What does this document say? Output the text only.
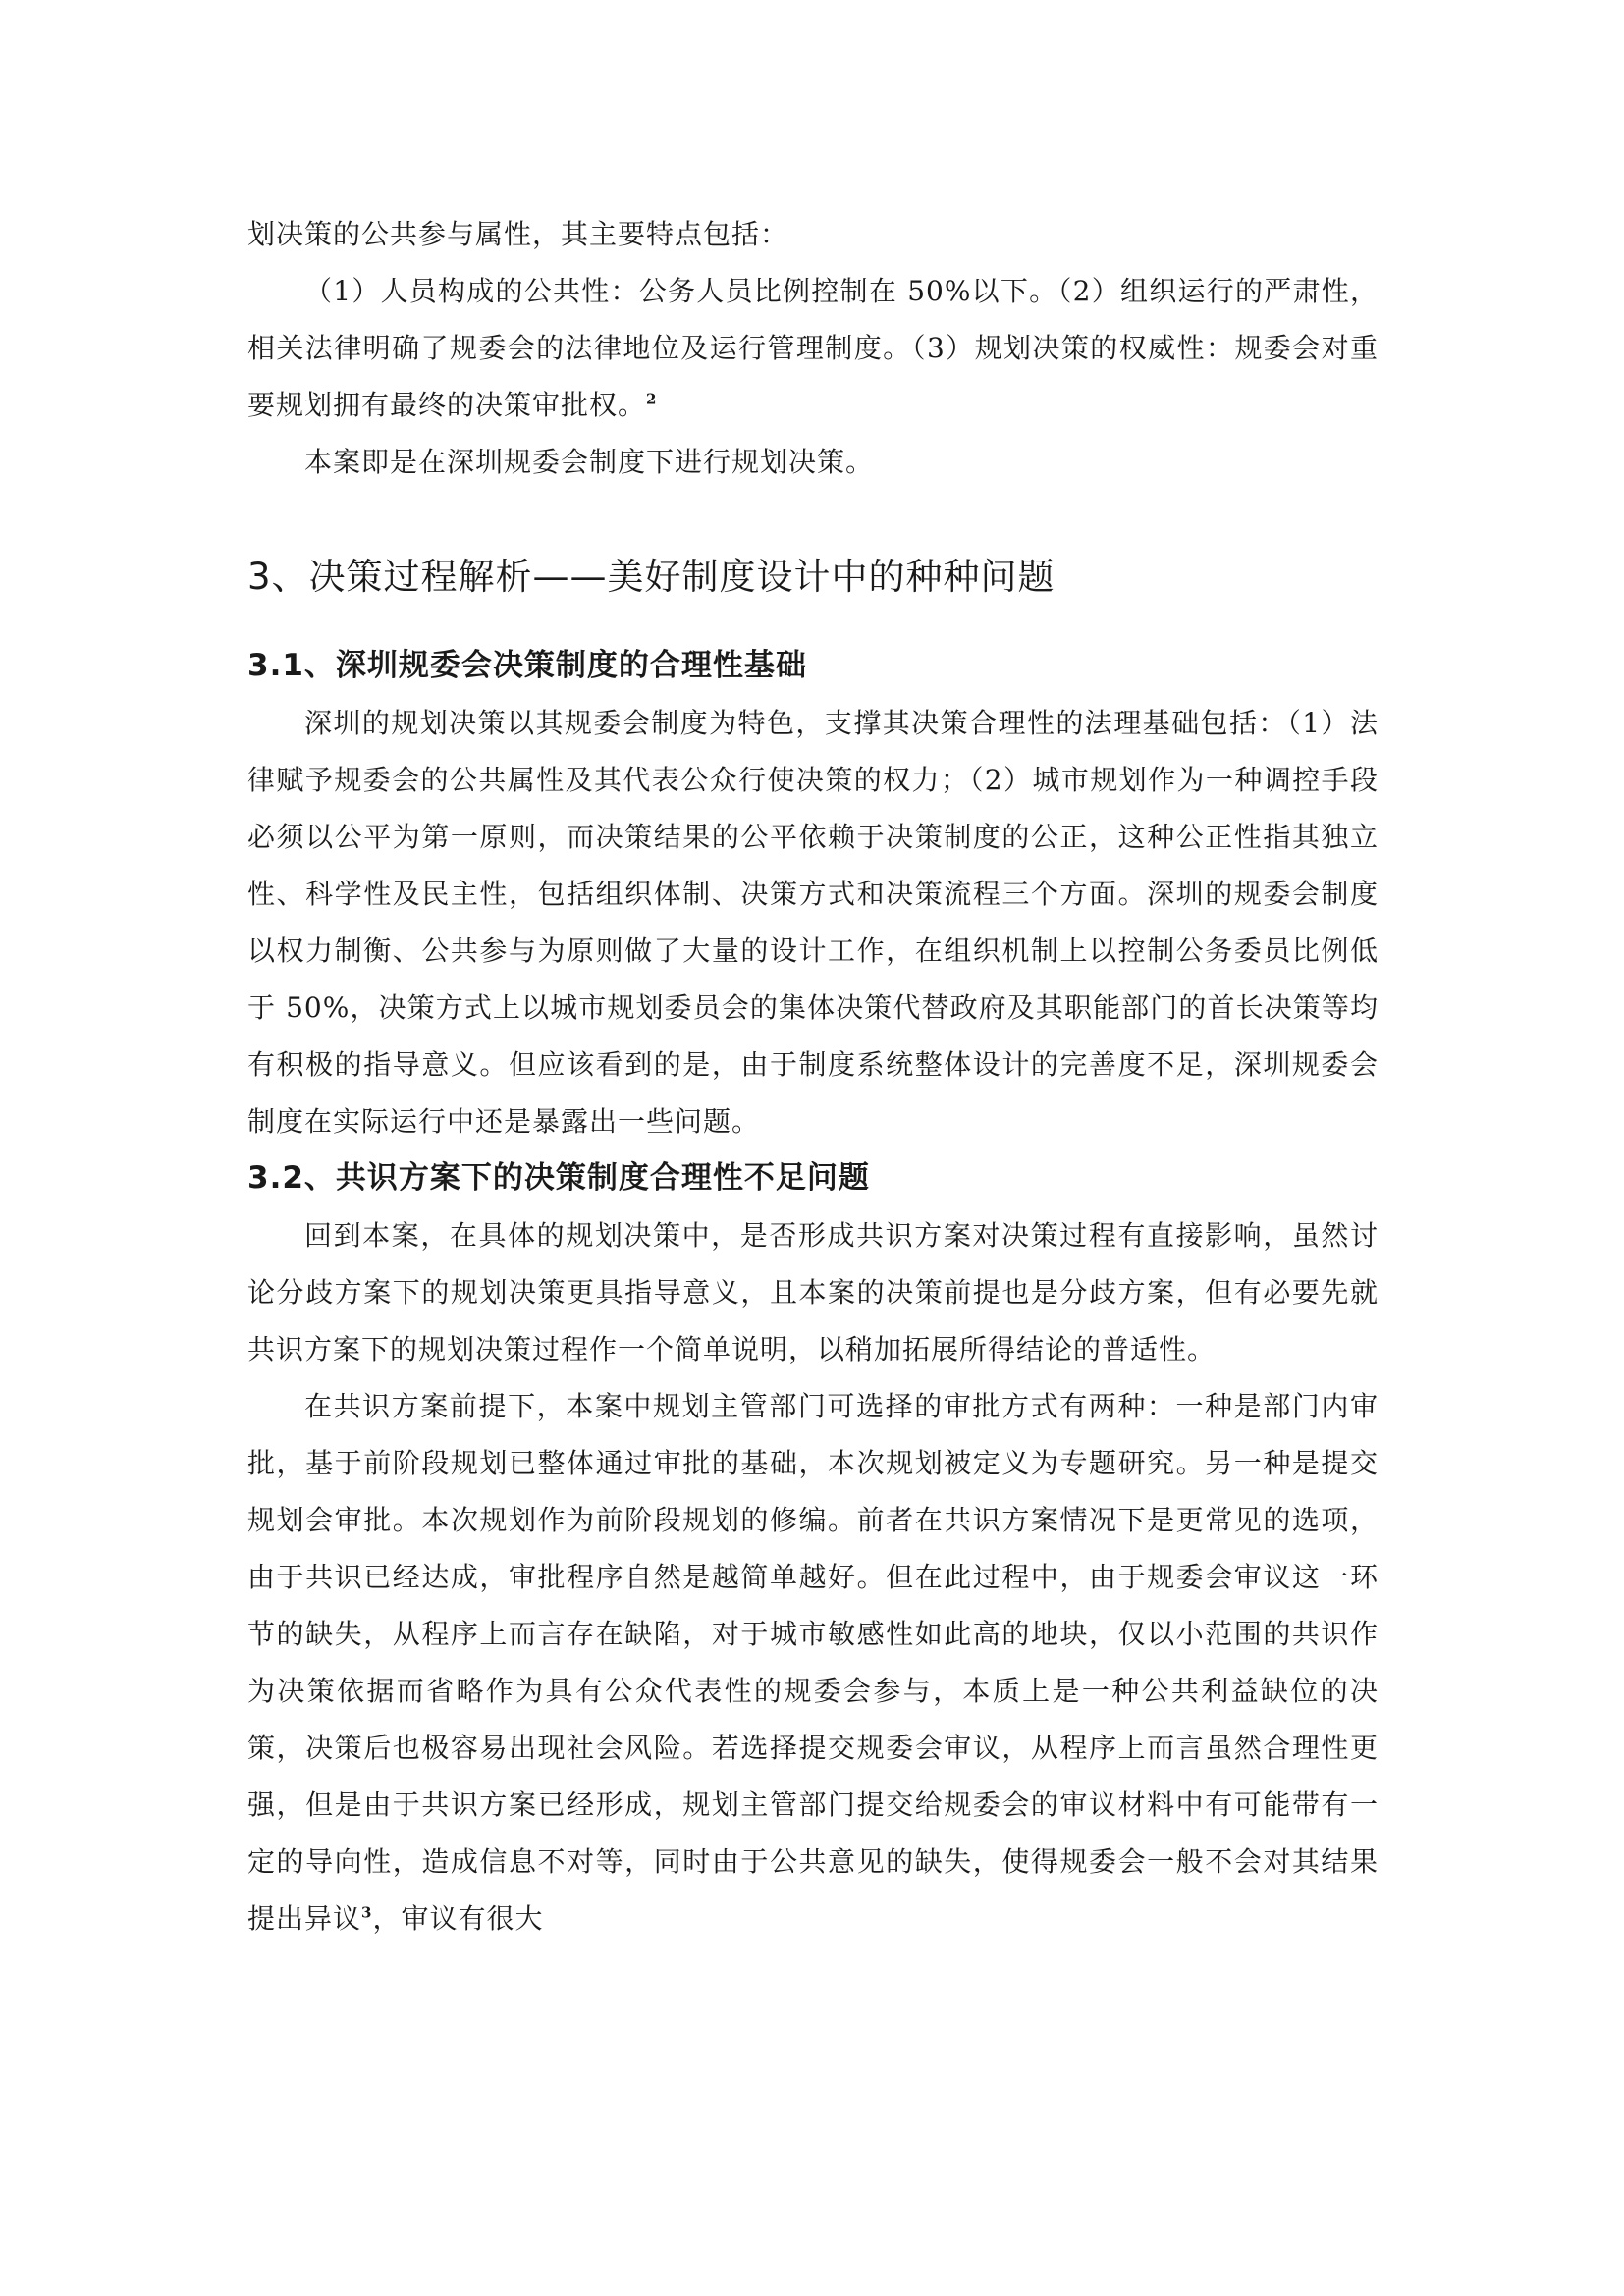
划决策的公共参与属性，其主要特点包括：

（1）人员构成的公共性：公务人员比例控制在 50%以下。（2）组织运行的严肃性，相关法律明确了规委会的法律地位及运行管理制度。（3）规划决策的权威性：规委会对重要规划拥有最终的决策审批权。$^2$

本案即是在深圳规委会制度下进行规划决策。

3、决策过程解析——美好制度设计中的种种问题
3.1、深圳规委会决策制度的合理性基础

深圳的规划决策以其规委会制度为特色，支撑其决策合理性的法理基础包括：（1）法律赋予规委会的公共属性及其代表公众行使决策的权力；（2）城市规划作为一种调控手段必须以公平为第一原则，而决策结果的公平依赖于决策制度的公正，这种公正性指其独立性、科学性及民主性，包括组织体制、决策方式和决策流程三个方面。深圳的规委会制度以权力制衡、公共参与为原则做了大量的设计工作，在组织机制上以控制公务委员比例低于 50%，决策方式上以城市规划委员会的集体决策代替政府及其职能部门的首长决策等均有积极的指导意义。但应该看到的是，由于制度系统整体设计的完善度不足，深圳规委会制度在实际运行中还是暴露出一些问题。

3.2、共识方案下的决策制度合理性不足问题

回到本案，在具体的规划决策中，是否形成共识方案对决策过程有直接影响，虽然讨论分歧方案下的规划决策更具指导意义，且本案的决策前提也是分歧方案，但有必要先就共识方案下的规划决策过程作一个简单说明，以稍加拓展所得结论的普适性。

在共识方案前提下，本案中规划主管部门可选择的审批方式有两种：一种是部门内审批，基于前阶段规划已整体通过审批的基础，本次规划被定义为专题研究。另一种是提交规划会审批。本次规划作为前阶段规划的修编。前者在共识方案情况下是更常见的选项，由于共识已经达成，审批程序自然是越简单越好。但在此过程中，由于规委会审议这一环节的缺失，从程序上而言存在缺陷，对于城市敏感性如此高的地块，仅以小范围的共识作为决策依据而省略作为具有公众代表性的规委会参与，本质上是一种公共利益缺位的决策，决策后也极容易出现社会风险。若选择提交规委会审议，从程序上而言虽然合理性更强，但是由于共识方案已经形成，规划主管部门提交给规委会的审议材料中有可能带有一定的导向性，造成信息不对等，同时由于公共意见的缺失，使得规委会一般不会对其结果提出异议$^3$，审议有很大
